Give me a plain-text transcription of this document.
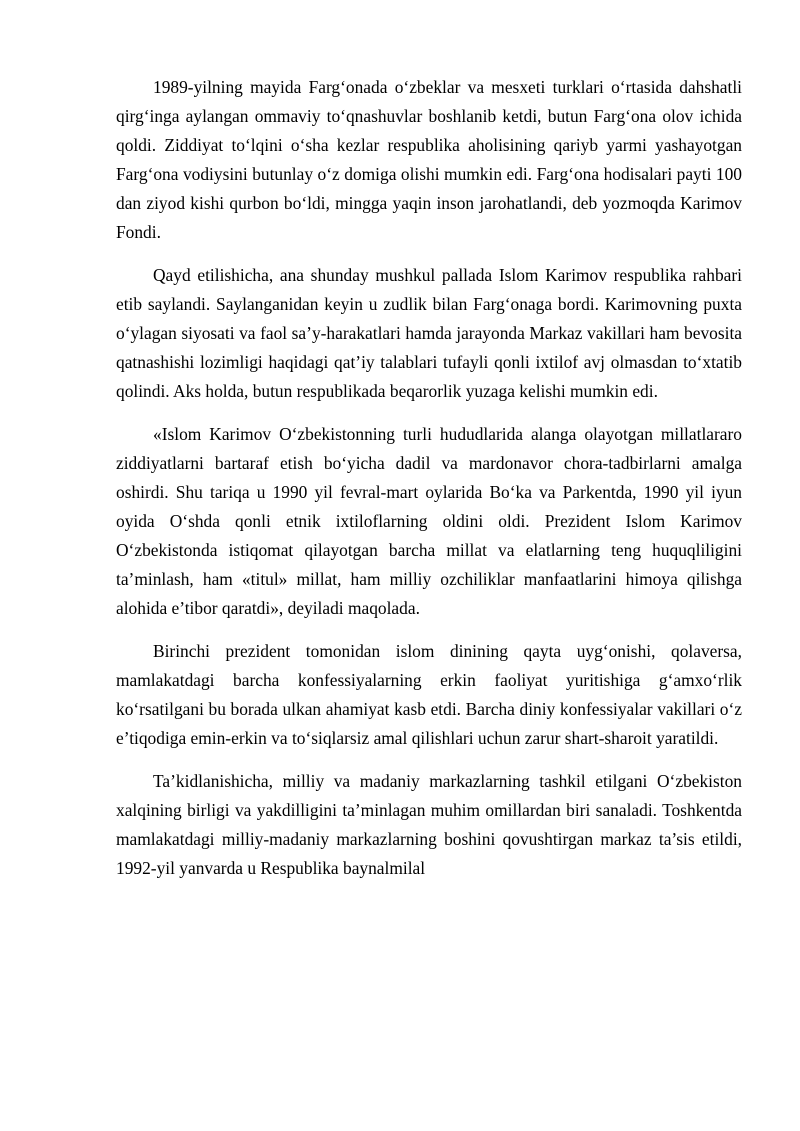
1989-yilning mayida Farg‘onada o‘zbeklar va mesxeti turklari o‘rtasida dahshatli qirg‘inga aylangan ommaviy to‘qnashuvlar boshlanib ketdi, butun Farg‘ona olov ichida qoldi. Ziddiyat to‘lqini o‘sha kezlar respublika aholisining qariyb yarmi yashayotgan Farg‘ona vodiysini butunlay o‘z domiga olishi mumkin edi. Farg‘ona hodisalari payti 100 dan ziyod kishi qurbon bo‘ldi, mingga yaqin inson jarohatlandi, deb yozmoqda Karimov Fondi.

Qayd etilishicha, ana shunday mushkul pallada Islom Karimov respublika rahbari etib saylandi. Saylanganidan keyin u zudlik bilan Farg‘onaga bordi. Karimovning puxta o‘ylagan siyosati va faol sa’y-harakatlari hamda jarayonda Markaz vakillari ham bevosita qatnashishi lozimligi haqidagi qat’iy talablari tufayli qonli ixtilof avj olmasdan to‘xtatib qolindi. Aks holda, butun respublikada beqarorlik yuzaga kelishi mumkin edi.

«Islom Karimov O‘zbekistonning turli hududlarida alanga olayotgan millatlararo ziddiyatlarni bartaraf etish bo‘yicha dadil va mardonavor chora-tadbirlarni amalga oshirdi. Shu tariqa u 1990 yil fevral-mart oylarida Bo‘ka va Parkentda, 1990 yil iyun oyida O‘shda qonli etnik ixtiloflarning oldini oldi. Prezident Islom Karimov O‘zbekistonda istiqomat qilayotgan barcha millat va elatlarning teng huquqliligini ta’minlash, ham «titul» millat, ham milliy ozchiliklar manfaatlarini himoya qilishga alohida e’tibor qaratdi», deyiladi maqolada.

Birinchi prezident tomonidan islom dinining qayta uyg‘onishi, qolaversa, mamlakatdagi barcha konfessiyalarning erkin faoliyat yuritishiga g‘amxo‘rlik ko‘rsatilgani bu borada ulkan ahamiyat kasb etdi. Barcha diniy konfessiyalar vakillari o‘z e’tiqodiga emin-erkin va to‘siqlarsiz amal qilishlari uchun zarur shart-sharoit yaratildi.

Ta’kidlanishicha, milliy va madaniy markazlarning tashkil etilgani O‘zbekiston xalqining birligi va yakdilligini ta’minlagan muhim omillardan biri sanaladi. Toshkentda mamlakatdagi milliy-madaniy markazlarning boshini qovushtirgan markaz ta’sis etildi, 1992-yil yanvarda u Respublika baynalmilal
